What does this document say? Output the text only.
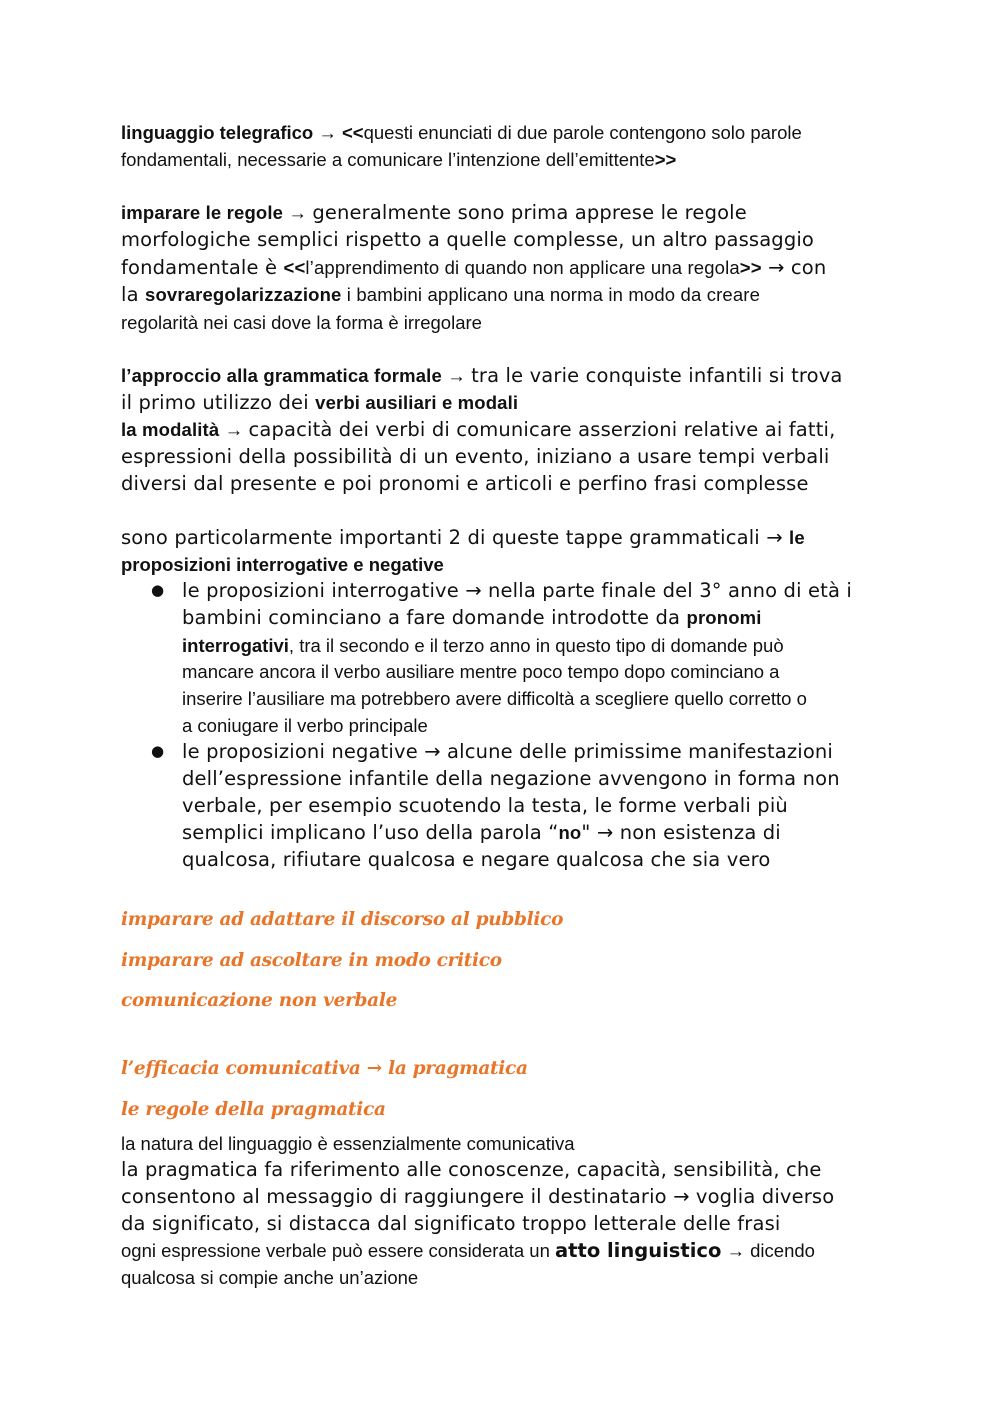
linguaggio telegrafico → <<questi enunciati di due parole contengono solo parole
fondamentali, necessarie a comunicare l’intenzione dell’emittente>>
imparare le regole → generalmente sono prima apprese le regole
morfologiche semplici rispetto a quelle complesse, un altro passaggio
fondamentale è <<l’apprendimento di quando non applicare una regola>> → con
la sovraregolarizzazione i bambini applicano una norma in modo da creare
regolarità nei casi dove la forma è irregolare
l’approccio alla grammatica formale → tra le varie conquiste infantili si trova
il primo utilizzo dei verbi ausiliari e modali
la modalità → capacità dei verbi di comunicare asserzioni relative ai fatti,
espressioni della possibilità di un evento, iniziano a usare tempi verbali
diversi dal presente e poi pronomi e articoli e perfino frasi complesse
sono particolarmente importanti 2 di queste tappe grammaticali → le
proposizioni interrogative e negative
● le proposizioni interrogative → nella parte finale del 3° anno di età i
bambini cominciano a fare domande introdotte da pronomi
interrogativi, tra il secondo e il terzo anno in questo tipo di domande può
mancare ancora il verbo ausiliare mentre poco tempo dopo cominciano a
inserire l’ausiliare ma potrebbero avere difficoltà a scegliere quello corretto o
a coniugare il verbo principale
● le proposizioni negative → alcune delle primissime manifestazioni
dell’espressione infantile della negazione avvengono in forma non
verbale, per esempio scuotendo la testa, le forme verbali più
semplici implicano l’uso della parola “no" → non esistenza di
qualcosa, rifiutare qualcosa e negare qualcosa che sia vero
imparare ad adattare il discorso al pubblico
imparare ad ascoltare in modo critico
comunicazione non verbale
l’efficacia comunicativa → la pragmatica
le regole della pragmatica
la natura del linguaggio è essenzialmente comunicativa
la pragmatica fa riferimento alle conoscenze, capacità, sensibilità, che
consentono al messaggio di raggiungere il destinatario → voglia diverso
da significato, si distacca dal significato troppo letterale delle frasi
ogni espressione verbale può essere considerata un atto linguistico → dicendo
qualcosa si compie anche un’azione
